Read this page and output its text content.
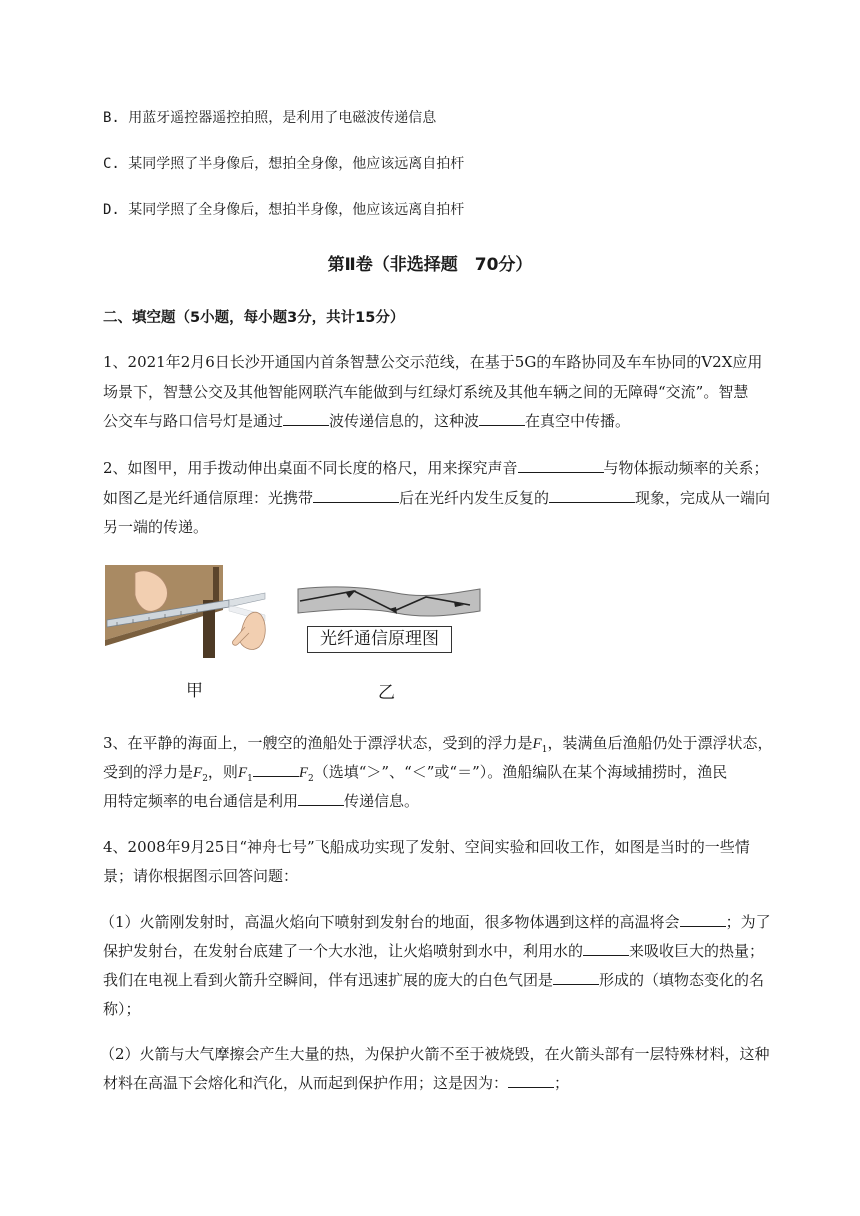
B. 用蓝牙遥控器遥控拍照，是利用了电磁波传递信息

C. 某同学照了半身像后，想拍全身像，他应该远离自拍杆

D. 某同学照了全身像后，想拍半身像，他应该远离自拍杆

第Ⅱ卷（非选择题　70分）
二、填空题（5小题，每小题3分，共计15分）

1、2021年2月6日长沙开通国内首条智慧公交示范线，在基于5G的车路协同及车车协同的V2X应用

场景下，智慧公交及其他智能网联汽车能做到与红绿灯系统及其他车辆之间的无障碍“交流”。智慧

公交车与路口信号灯是通过	波传递信息的，这种波	在真空中传播。

2、如图甲，用手拨动伸出桌面不同长度的格尺，用来探究声音	与物体振动频率的关系；

如图乙是光纤通信原理：光携带	后在光纤内发生反复的	现象，完成从一端向

另一端的传递。

光纤通信原理图
甲	乙

3、在平静的海面上，一艘空的渔船处于漂浮状态，受到的浮力是$F_1$，装满鱼后渔船仍处于漂浮状态，

受到的浮力是$F_2$，则$F_1$	$F_2$（选填“＞”、“＜”或“＝”）。渔船编队在某个海域捕捞时，渔民

用特定频率的电台通信是利用	传递信息。

4、2008年9月25日“神舟七号”飞船成功实现了发射、空间实验和回收工作，如图是当时的一些情

景；请你根据图示回答问题：

（1）火箭刚发射时，高温火焰向下喷射到发射台的地面，很多物体遇到这样的高温将会	；为了

保护发射台，在发射台底建了一个大水池，让火焰喷射到水中，利用水的	来吸收巨大的热量；

我们在电视上看到火箭升空瞬间，伴有迅速扩展的庞大的白色气团是	形成的（填物态变化的名

称）；

（2）火箭与大气摩擦会产生大量的热，为保护火箭不至于被烧毁，在火箭头部有一层特殊材料，这种

材料在高温下会熔化和汽化，从而起到保护作用；这是因为：	；
